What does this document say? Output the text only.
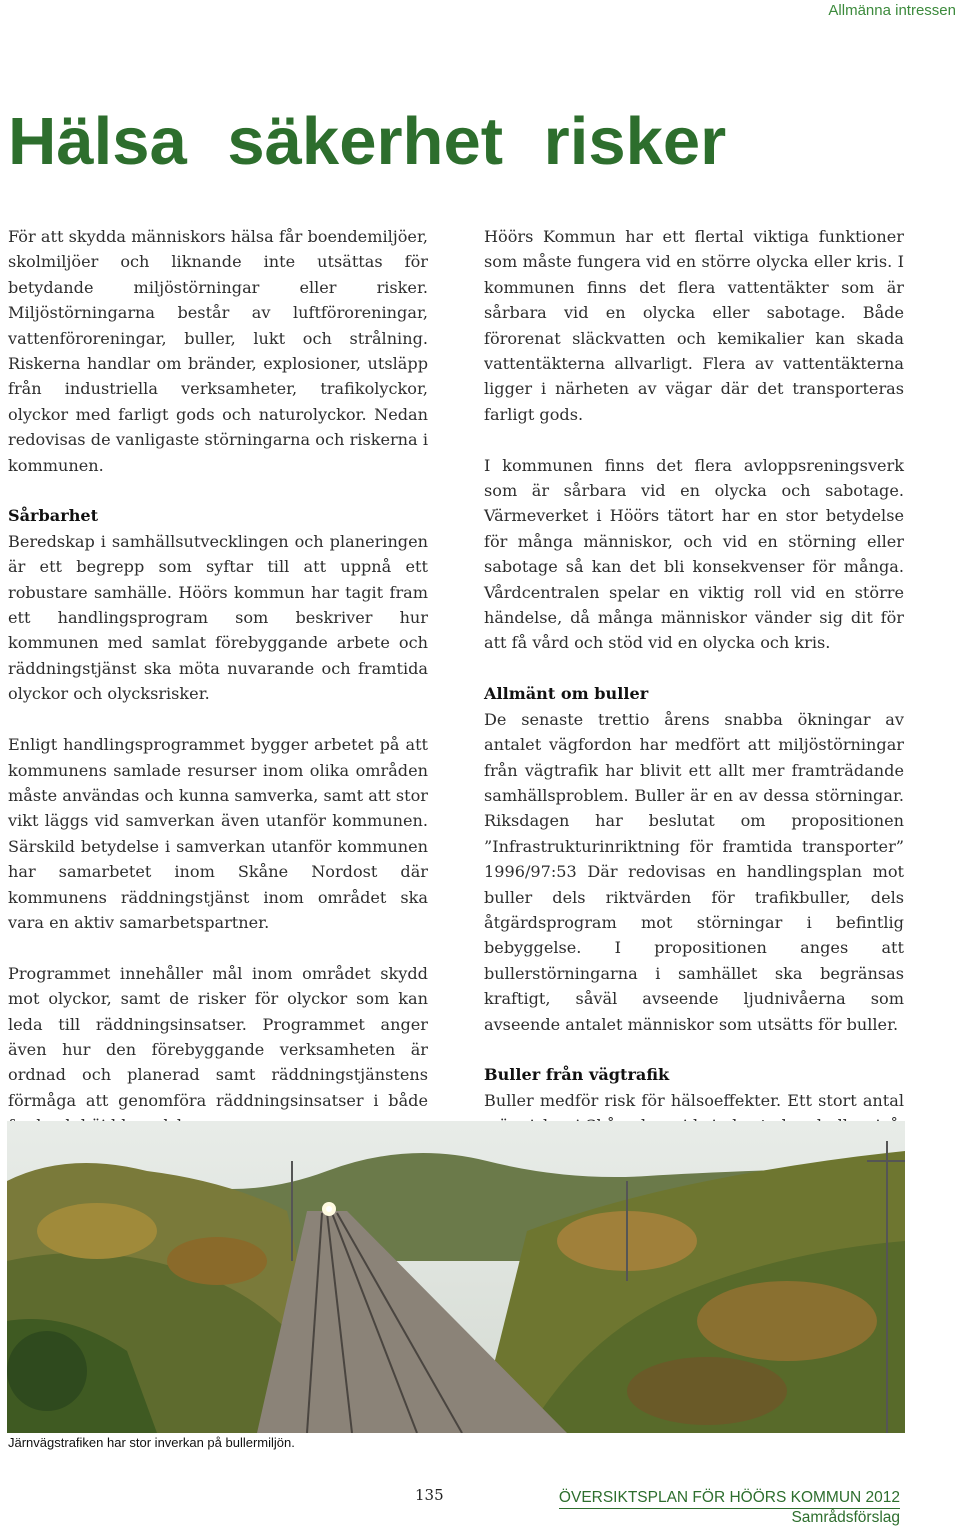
Allmänna intressen
Hälsa säkerhet risker

För att skydda människors hälsa får boendemiljöer, skolmiljöer och liknande inte utsättas för betydande miljöstörningar eller risker. Miljöstörningarna består av luftföroreningar, vattenföroreningar, buller, lukt och strålning. Riskerna handlar om bränder, explosioner, utsläpp från industriella verksamheter, trafikolyckor, olyckor med farligt gods och naturolyckor. Nedan redovisas de vanligaste störningarna och riskerna i kommunen.

Sårbarhet

Beredskap i samhällsutvecklingen och planeringen är ett begrepp som syftar till att uppnå ett robustare samhälle. Höörs kommun har tagit fram ett handlingsprogram som beskriver hur kommunen med samlat förebyggande arbete och räddningstjänst ska möta nuvarande och framtida olyckor och olycksrisker.

Enligt handlingsprogrammet bygger arbetet på att kommunens samlade resurser inom olika områden måste användas och kunna samverka, samt att stor vikt läggs vid samverkan även utanför kommunen. Särskild betydelse i samverkan utanför kommunen har samarbetet inom Skåne Nordost där kommunens räddningstjänst inom området ska vara en aktiv samarbetspartner.

Programmet innehåller mål inom området skydd mot olyckor, samt de risker för olyckor som kan leda till räddningsinsatser. Programmet anger även hur den förebyggande verksamheten är ordnad och planerad samt räddningstjänstens förmåga att genomföra räddningsinsatser i både

Höörs Kommun har ett flertal viktiga funktioner som måste fungera vid en större olycka eller kris. I kommunen finns det flera vattentäkter som är sårbara vid en olycka eller sabotage. Både förorenat släckvatten och kemikalier kan skada vattentäkterna allvarligt. Flera av vattentäkterna ligger i närheten av vägar där det transporteras farligt gods.

I kommunen finns det flera avloppsreningsverk som är sårbara vid en olycka och sabotage. Värmeverket i Höörs tätort har en stor betydelse för många människor, och vid en störning eller sabotage så kan det bli konsekvenser för många. Vårdcentralen spelar en viktig roll vid en större händelse, då många människor vänder sig dit för att få vård och stöd vid en olycka och kris.

Allmänt om buller

De senaste trettio årens snabba ökningar av antalet vägfordon har medfört att miljöstörningar från vägtrafik har blivit ett allt mer framträdande samhällsproblem. Buller är en av dessa störningar. Riksdagen har beslutat om propositionen ”Infrastrukturinriktning för framtida transporter” 1996/97:53 Där redovisas en handlingsplan mot buller dels riktvärden för trafikbuller, dels åtgärdsprogram mot störningar i befintlig bebyggelse. I propositionen anges att bullerstörningarna i samhället ska begränsas kraftigt, såväl avseende ljudnivåerna som avseende antalet människor som utsätts för buller.

Buller från vägtrafik

Buller medför risk för hälsoeffekter. Ett stort antal

Järnvägstrafiken har stor inverkan på bullermiljön.
135	ÖVERSIKTSPLAN FÖR HÖÖRS KOMMUN 2012
Samrådsförslag
